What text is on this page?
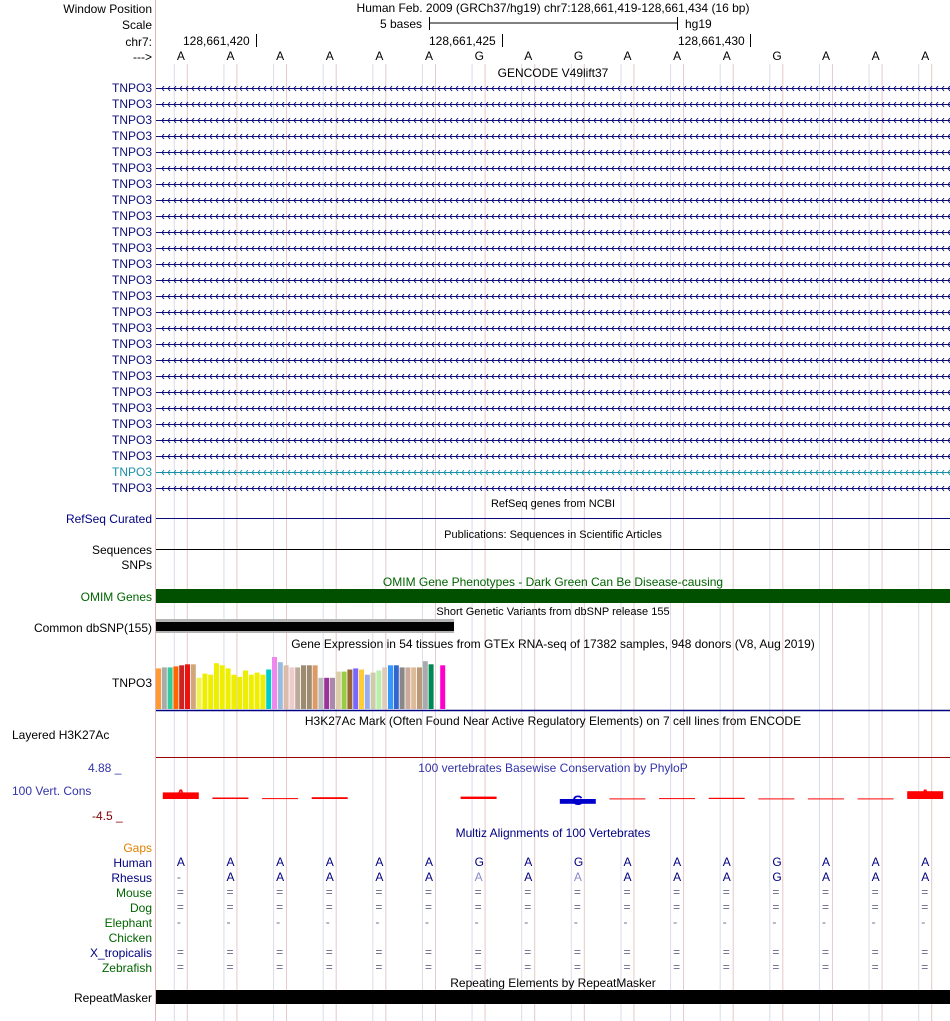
Window Position	Human Feb. 2009 (GRCh37/hg19) chr7:128,661,419-128,661,434 (16 bp)
Scale	5 bases	hg19
chr7:	128,661,420	128,661,425	128,661,430
---> A	A	A	A	A	A	G	A	G	A	A	A	G	A	A	A
GENCODE V49lift37
TNPO3
TNPO3
TNPO3
TNPO3
TNPO3
TNPO3
TNPO3
TNPO3
TNPO3
TNPO3
TNPO3
TNPO3
TNPO3
TNPO3
TNPO3
TNPO3
TNPO3
TNPO3
TNPO3
TNPO3
TNPO3
TNPO3
TNPO3
TNPO3
TNPO3
TNPO3
RefSeq genes from NCBI
RefSeq Curated
Publications: Sequences in Scientific Articles
Sequences
SNPs
OMIM Gene Phenotypes - Dark Green Can Be Disease-causing
OMIM Genes
Short Genetic Variants from dbSNP release 155
Common dbSNP(155)
Gene Expression in 54 tissues from GTEx RNA-seq of 17382 samples, 948 donors (V8, Aug 2019)
TNPO3
H3K27Ac Mark (Often Found Near Active Regulatory Elements) on 7 cell lines from ENCODE
Layered H3K27Ac
100 vertebrates Basewise Conservation by PhyloP
4.88 _
100 Vert. Cons
-4.5 _
Multiz Alignments of 100 Vertebrates
Gaps
Human A	A	A	A	A	A	G	A	G	A	A	A	G	A	A	A
Rhesus -	A	A	A	A	A	A	A	A	A	A	A	G	A	A	A
Mouse =	=	=	=	=	=	=	=	=	=	=	=	=	=	=	=
Dog =	=	=	=	=	=	=	=	=	=	=	=	=	=	=	=
Elephant -	-	-	-	-	-	-	-	-	-	-	-	-	-	-	-
Chicken
X_tropicalis =	=	=	=	=	=	=	=	=	=	=	=	=	=	=	=
Zebrafish =	=	=	=	=	=	=	=	=	=	=	=	=	=	=	=
Repeating Elements by RepeatMasker
RepeatMasker
A	G	A
